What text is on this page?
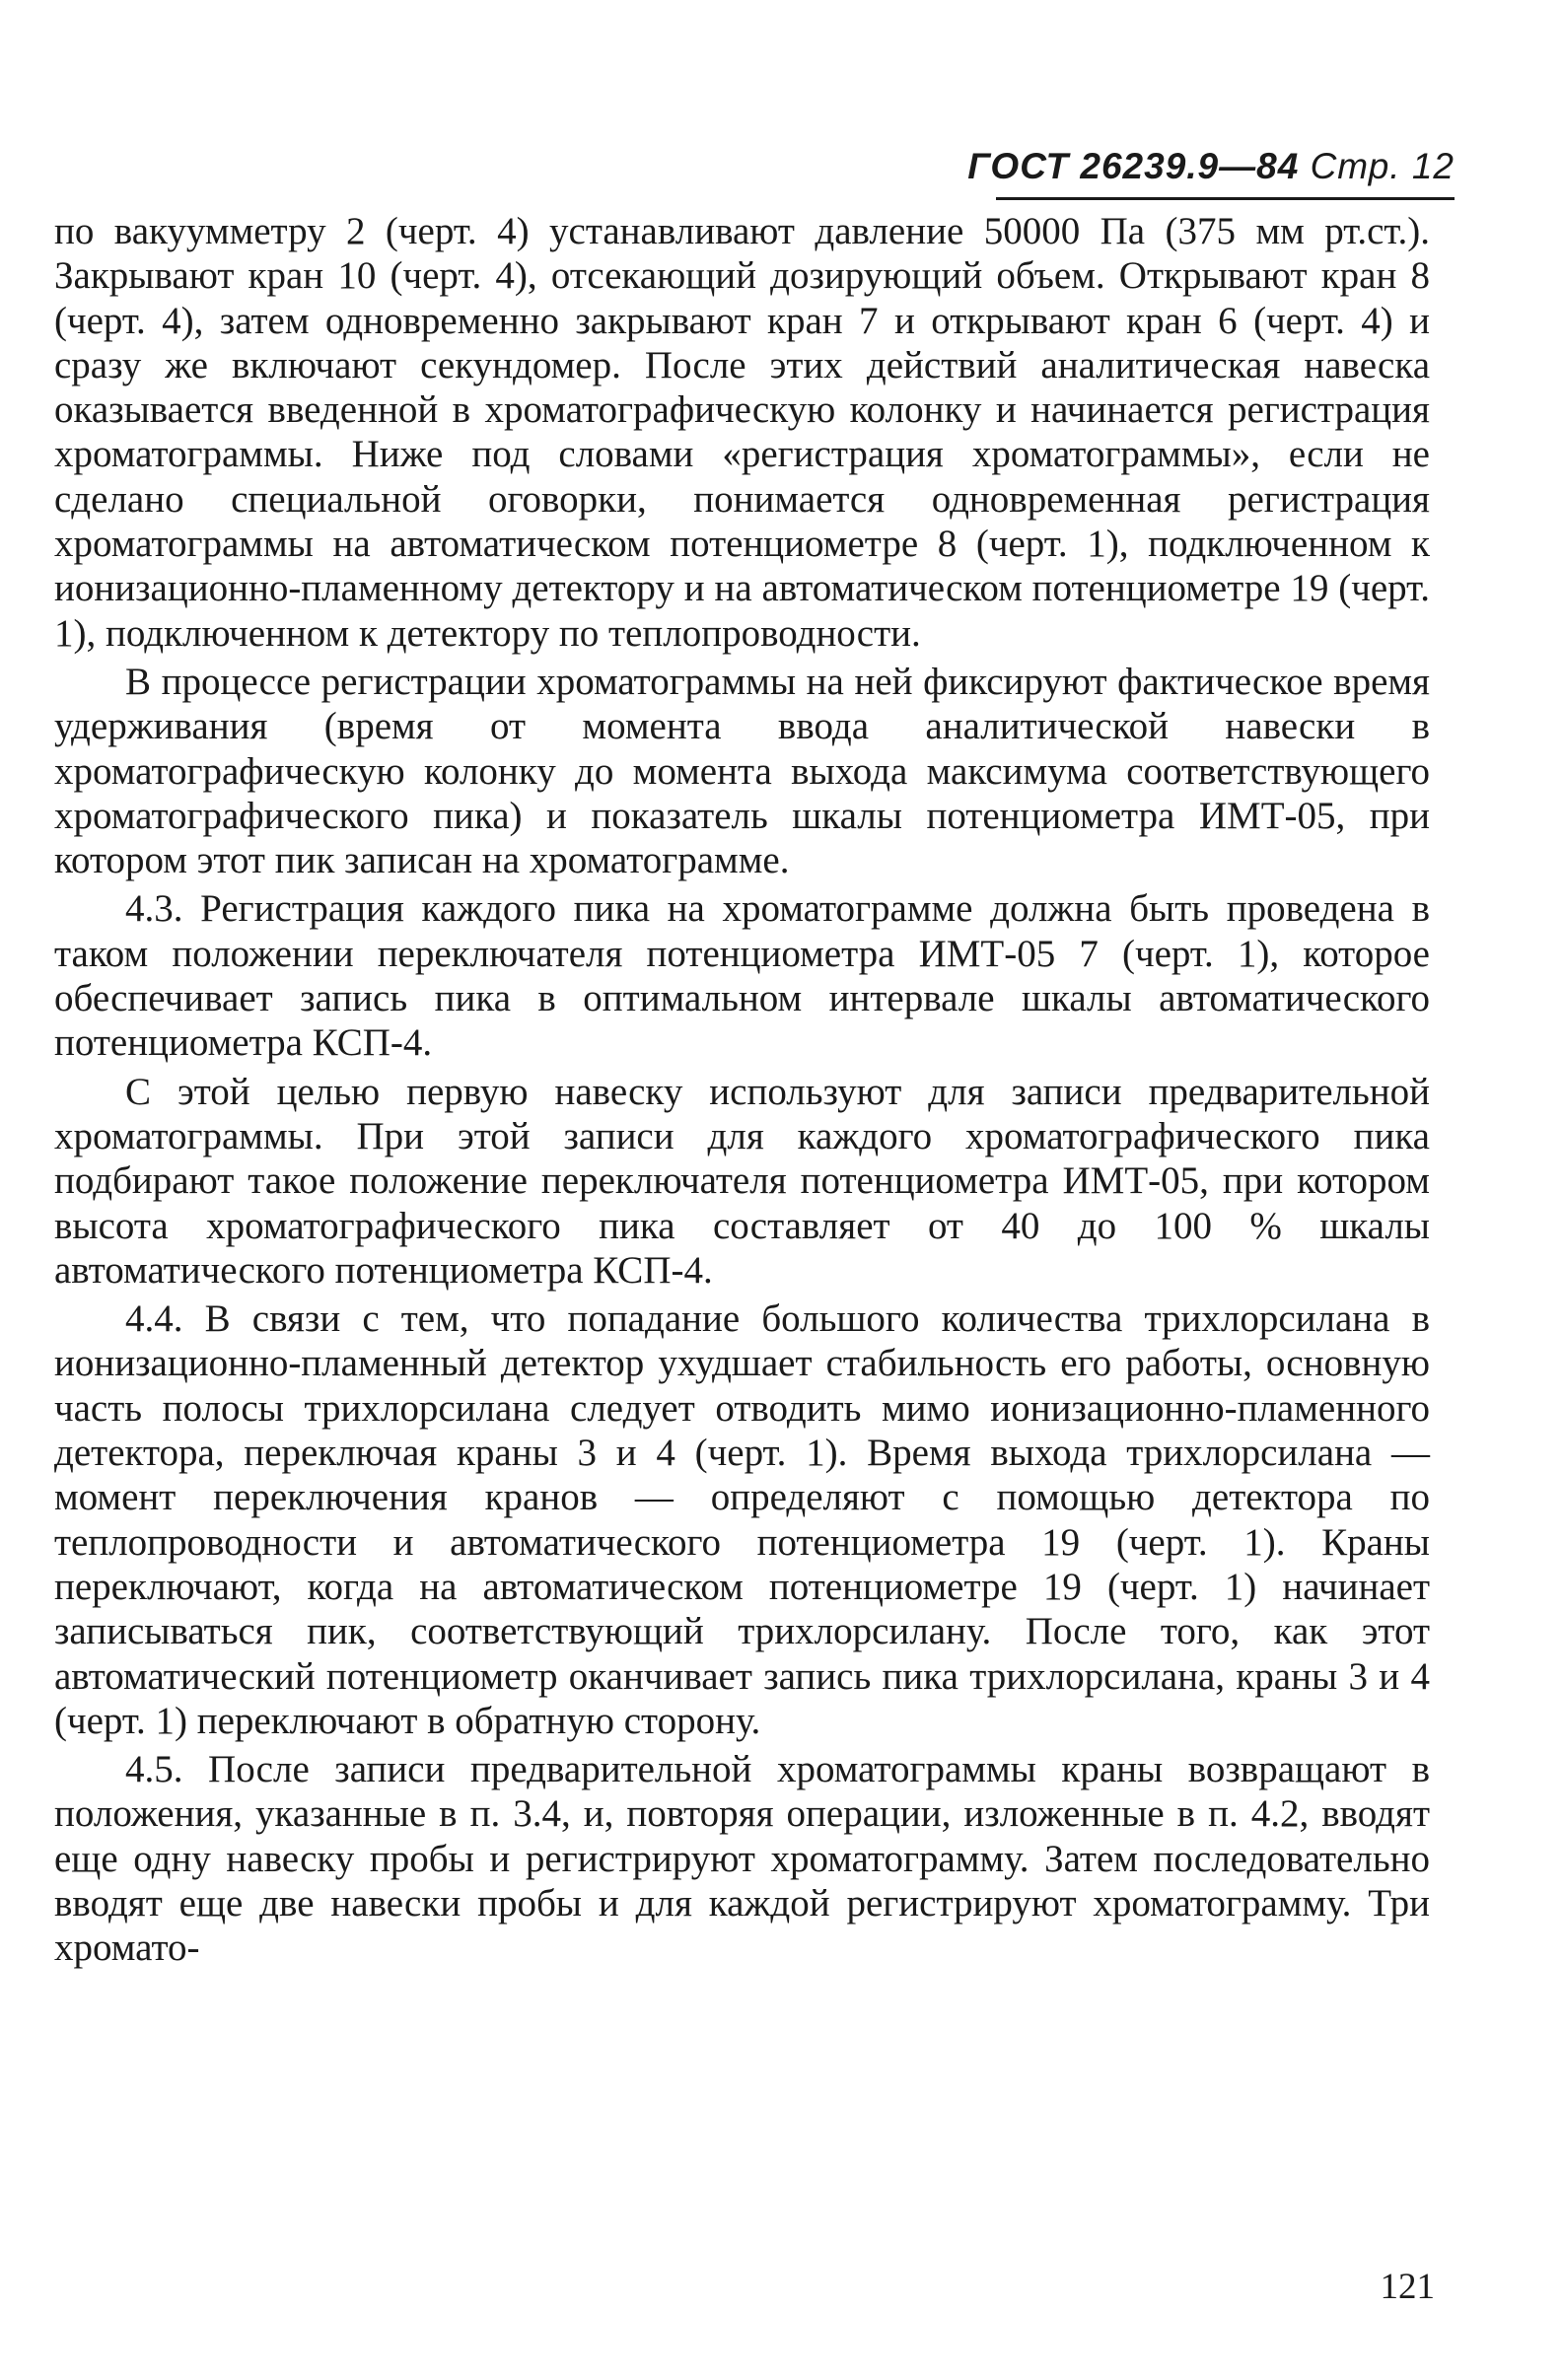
ГОСТ 26239.9—84 Стр. 12

по вакуумметру 2 (черт. 4) устанавливают давление 50000 Па (375 мм рт.ст.). Закрывают кран 10 (черт. 4), отсекающий дозирующий объем. Открывают кран 8 (черт. 4), затем одновременно закрывают кран 7 и открывают кран 6 (черт. 4) и сразу же включают секундомер. После этих действий аналитическая навеска оказывается введенной в хроматографическую колонку и начинается регистрация хроматограммы. Ниже под словами «регистрация хроматограммы», если не сделано специальной оговорки, понимается одновременная регистрация хроматограммы на автоматическом потенциометре 8 (черт. 1), подключенном к ионизационно-пламенному детектору и на автоматическом потенциометре 19 (черт. 1), подключенном к детектору по теплопроводности.

В процессе регистрации хроматограммы на ней фиксируют фактическое время удерживания (время от момента ввода аналитической навески в хроматографическую колонку до момента выхода максимума соответствующего хроматографического пика) и показатель шкалы потенциометра ИМТ-05, при котором этот пик записан на хроматограмме.

4.3. Регистрация каждого пика на хроматограмме должна быть проведена в таком положении переключателя потенциометра ИМТ-05 7 (черт. 1), которое обеспечивает запись пика в оптимальном интервале шкалы автоматического потенциометра КСП-4.

С этой целью первую навеску используют для записи предварительной хроматограммы. При этой записи для каждого хроматографического пика подбирают такое положение переключателя потенциометра ИМТ-05, при котором высота хроматографического пика составляет от 40 до 100 % шкалы автоматического потенциометра КСП-4.

4.4. В связи с тем, что попадание большого количества трихлорсилана в ионизационно-пламенный детектор ухудшает стабильность его работы, основную часть полосы трихлорсилана следует отводить мимо ионизационно-пламенного детектора, переключая краны 3 и 4 (черт. 1). Время выхода трихлорсилана — момент переключения кранов — определяют с помощью детектора по теплопроводности и автоматического потенциометра 19 (черт. 1). Краны переключают, когда на автоматическом потенциометре 19 (черт. 1) начинает записываться пик, соответствующий трихлорсилану. После того, как этот автоматический потенциометр оканчивает запись пика трихлорсилана, краны 3 и 4 (черт. 1) переключают в обратную сторону.

4.5. После записи предварительной хроматограммы краны возвращают в положения, указанные в п. 3.4, и, повторяя операции, изложенные в п. 4.2, вводят еще одну навеску пробы и регистрируют хроматограмму. Затем последовательно вводят еще две навески пробы и для каждой регистрируют хроматограмму. Три хромато-

121
